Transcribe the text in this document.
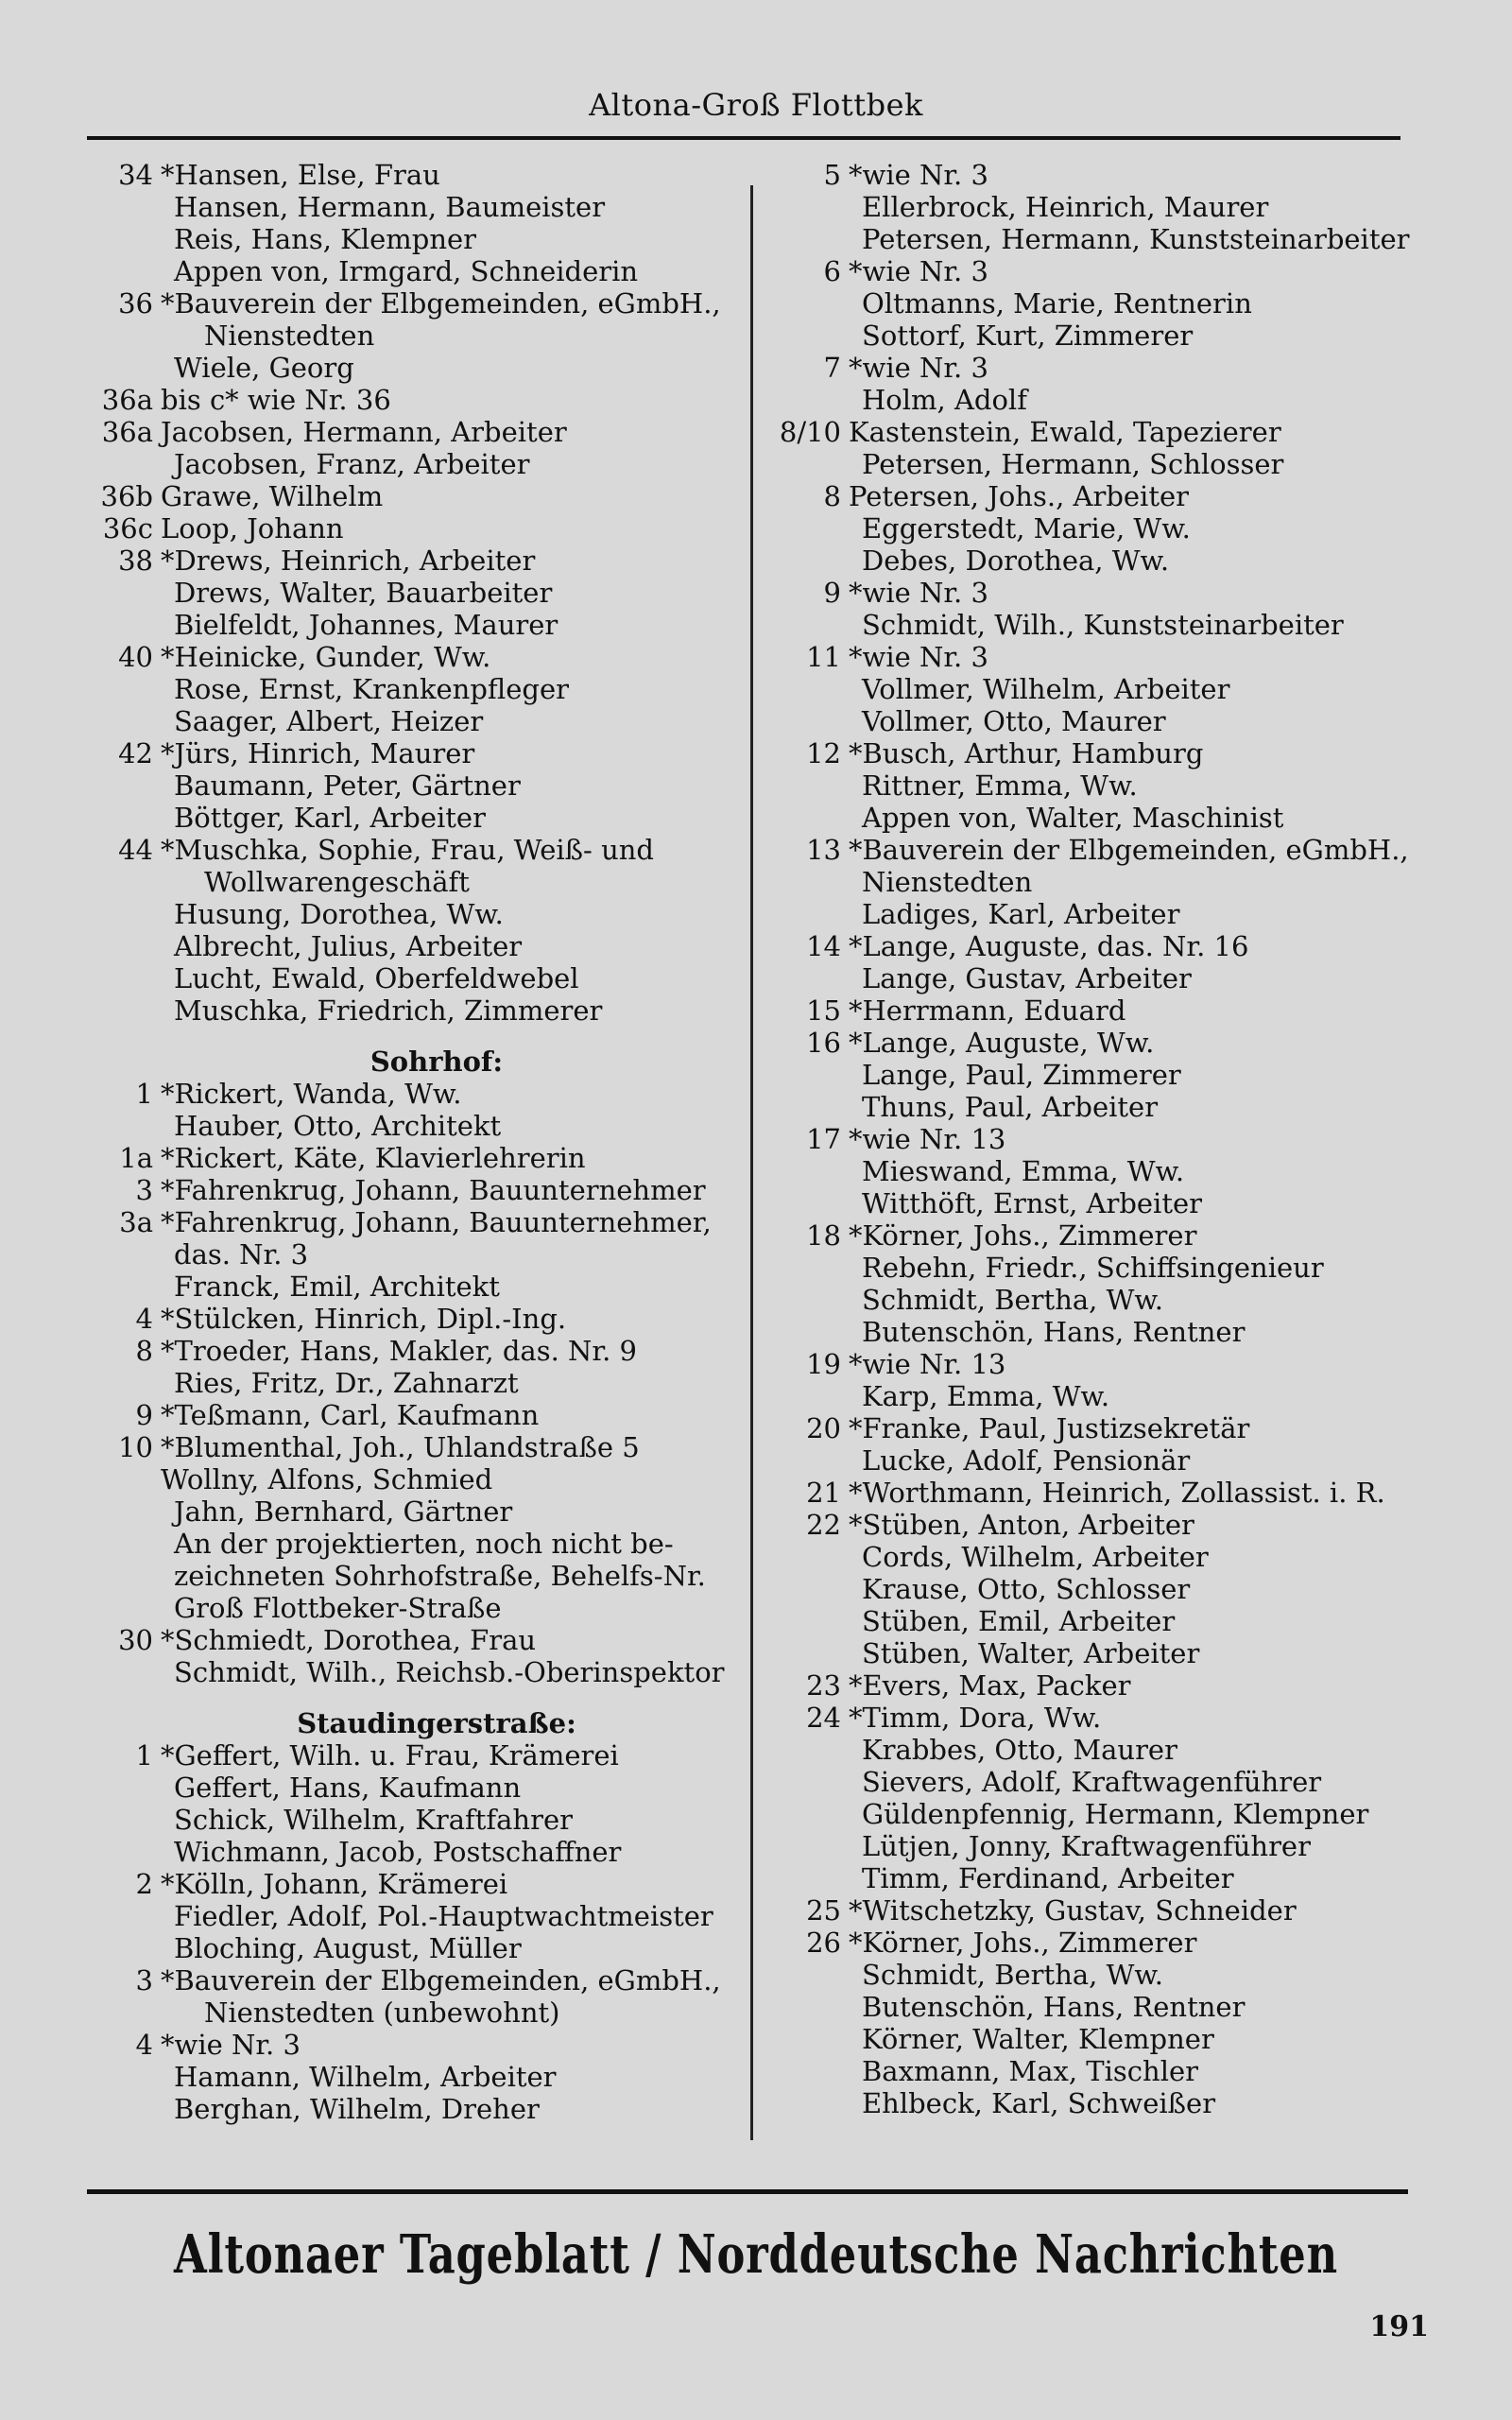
Altona-Groß Flottbek
34 *Hansen, Else, Frau
Hansen, Hermann, Baumeister
Reis, Hans, Klempner
Appen von, Irmgard, Schneiderin
36 *Bauverein der Elbgemeinden, eGmbH.,
Nienstedten
Wiele, Georg
36a bis c* wie Nr. 36
36a Jacobsen, Hermann, Arbeiter
Jacobsen, Franz, Arbeiter
36b Grawe, Wilhelm
36c Loop, Johann
38 *Drews, Heinrich, Arbeiter
Drews, Walter, Bauarbeiter
Bielfeldt, Johannes, Maurer
40 *Heinicke, Gunder, Ww.
Rose, Ernst, Krankenpfleger
Saager, Albert, Heizer
42 *Jürs, Hinrich, Maurer
Baumann, Peter, Gärtner
Böttger, Karl, Arbeiter
44 *Muschka, Sophie, Frau, Weiß- und
Wollwarengeschäft
Husung, Dorothea, Ww.
Albrecht, Julius, Arbeiter
Lucht, Ewald, Oberfeldwebel
Muschka, Friedrich, Zimmerer
Sohrhof:
1 *Rickert, Wanda, Ww.
Hauber, Otto, Architekt
1a *Rickert, Käte, Klavierlehrerin
3 *Fahrenkrug, Johann, Bauunternehmer
3a *Fahrenkrug, Johann, Bauunternehmer,
das. Nr. 3
Franck, Emil, Architekt
4 *Stülcken, Hinrich, Dipl.-Ing.
8 *Troeder, Hans, Makler, das. Nr. 9
Ries, Fritz, Dr., Zahnarzt
9 *Teßmann, Carl, Kaufmann
10 *Blumenthal, Joh., Uhlandstraße 5
Wollny, Alfons, Schmied
Jahn, Bernhard, Gärtner
An der projektierten, noch nicht be-
zeichneten Sohrhofstraße, Behelfs-Nr.
Groß Flottbeker-Straße
30 *Schmiedt, Dorothea, Frau
Schmidt, Wilh., Reichsb.-Oberinspektor
Staudingerstraße:
1 *Geffert, Wilh. u. Frau, Krämerei
Geffert, Hans, Kaufmann
Schick, Wilhelm, Kraftfahrer
Wichmann, Jacob, Postschaffner
2 *Kölln, Johann, Krämerei
Fiedler, Adolf, Pol.-Hauptwachtmeister
Bloching, August, Müller
3 *Bauverein der Elbgemeinden, eGmbH.,
Nienstedten (unbewohnt)
4 *wie Nr. 3
Hamann, Wilhelm, Arbeiter
Berghan, Wilhelm, Dreher
5 *wie Nr. 3
Ellerbrock, Heinrich, Maurer
Petersen, Hermann, Kunststeinarbeiter
6 *wie Nr. 3
Oltmanns, Marie, Rentnerin
Sottorf, Kurt, Zimmerer
7 *wie Nr. 3
Holm, Adolf
8/10 Kastenstein, Ewald, Tapezierer
Petersen, Hermann, Schlosser
8 Petersen, Johs., Arbeiter
Eggerstedt, Marie, Ww.
Debes, Dorothea, Ww.
9 *wie Nr. 3
Schmidt, Wilh., Kunststeinarbeiter
11 *wie Nr. 3
Vollmer, Wilhelm, Arbeiter
Vollmer, Otto, Maurer
12 *Busch, Arthur, Hamburg
Rittner, Emma, Ww.
Appen von, Walter, Maschinist
13 *Bauverein der Elbgemeinden, eGmbH.,
Nienstedten
Ladiges, Karl, Arbeiter
14 *Lange, Auguste, das. Nr. 16
Lange, Gustav, Arbeiter
15 *Herrmann, Eduard
16 *Lange, Auguste, Ww.
Lange, Paul, Zimmerer
Thuns, Paul, Arbeiter
17 *wie Nr. 13
Mieswand, Emma, Ww.
Witthöft, Ernst, Arbeiter
18 *Körner, Johs., Zimmerer
Rebehn, Friedr., Schiffsingenieur
Schmidt, Bertha, Ww.
Butenschön, Hans, Rentner
19 *wie Nr. 13
Karp, Emma, Ww.
20 *Franke, Paul, Justizsekretär
Lucke, Adolf, Pensionär
21 *Worthmann, Heinrich, Zollassist. i. R.
22 *Stüben, Anton, Arbeiter
Cords, Wilhelm, Arbeiter
Krause, Otto, Schlosser
Stüben, Emil, Arbeiter
Stüben, Walter, Arbeiter
23 *Evers, Max, Packer
24 *Timm, Dora, Ww.
Krabbes, Otto, Maurer
Sievers, Adolf, Kraftwagenführer
Güldenpfennig, Hermann, Klempner
Lütjen, Jonny, Kraftwagenführer
Timm, Ferdinand, Arbeiter
25 *Witschetzky, Gustav, Schneider
26 *Körner, Johs., Zimmerer
Schmidt, Bertha, Ww.
Butenschön, Hans, Rentner
Körner, Walter, Klempner
Baxmann, Max, Tischler
Ehlbeck, Karl, Schweißer
Altonaer Tageblatt / Norddeutsche Nachrichten
191
